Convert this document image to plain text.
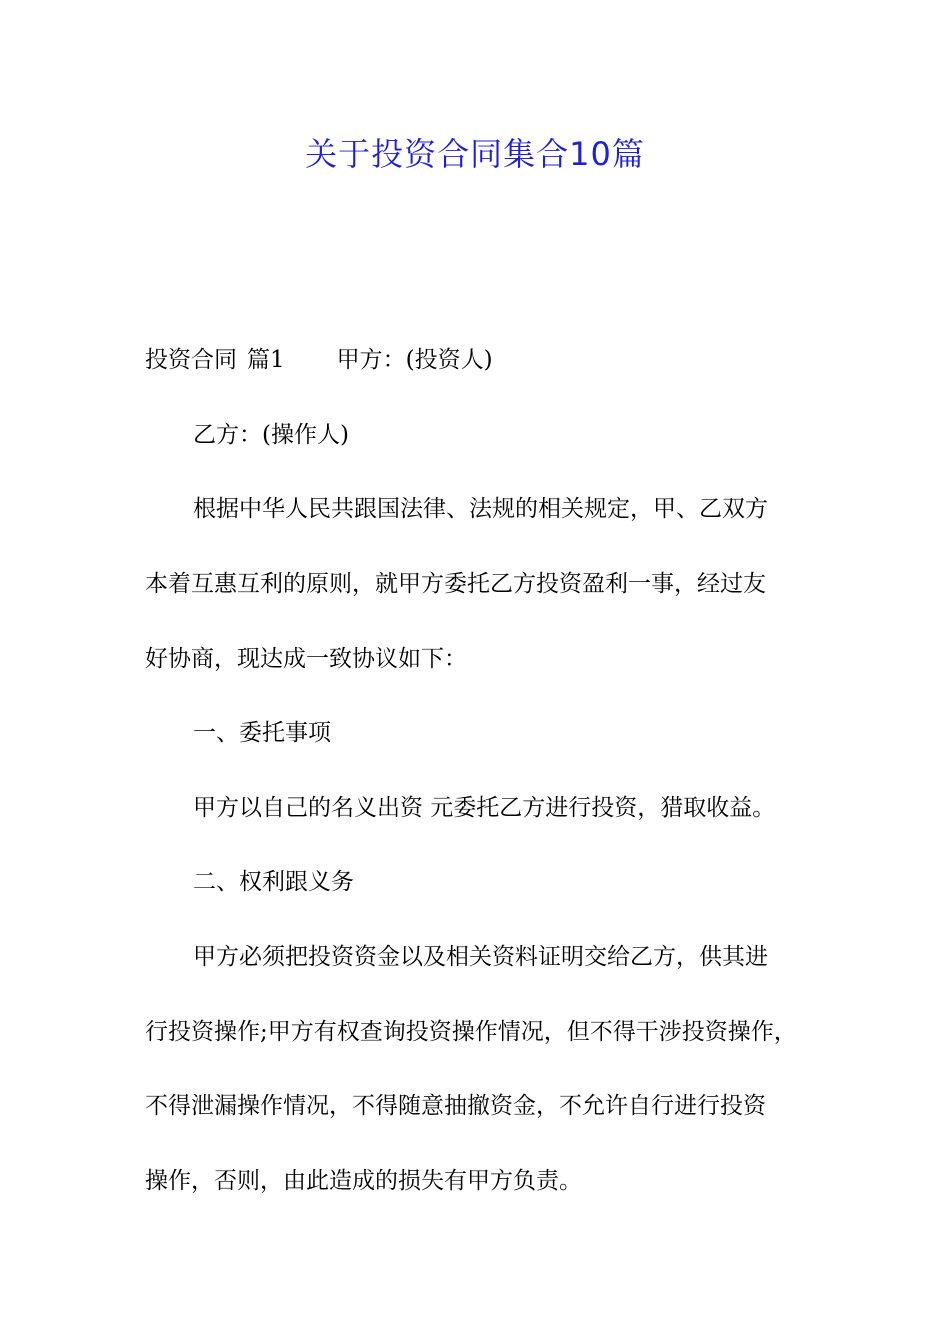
关于投资合同集合10篇
投资合同 篇1 甲方：(投资人)
乙方：(操作人)
根据中华人民共跟国法律、法规的相关规定，甲、乙双方
本着互惠互利的原则，就甲方委托乙方投资盈利一事，经过友
好协商，现达成一致协议如下：
一、委托事项
甲方以自己的名义出资 元委托乙方进行投资，猎取收益。
二、权利跟义务
甲方必须把投资资金以及相关资料证明交给乙方，供其进
行投资操作;甲方有权查询投资操作情况，但不得干涉投资操作，
不得泄漏操作情况，不得随意抽撤资金，不允许自行进行投资
操作，否则，由此造成的损失有甲方负责。
